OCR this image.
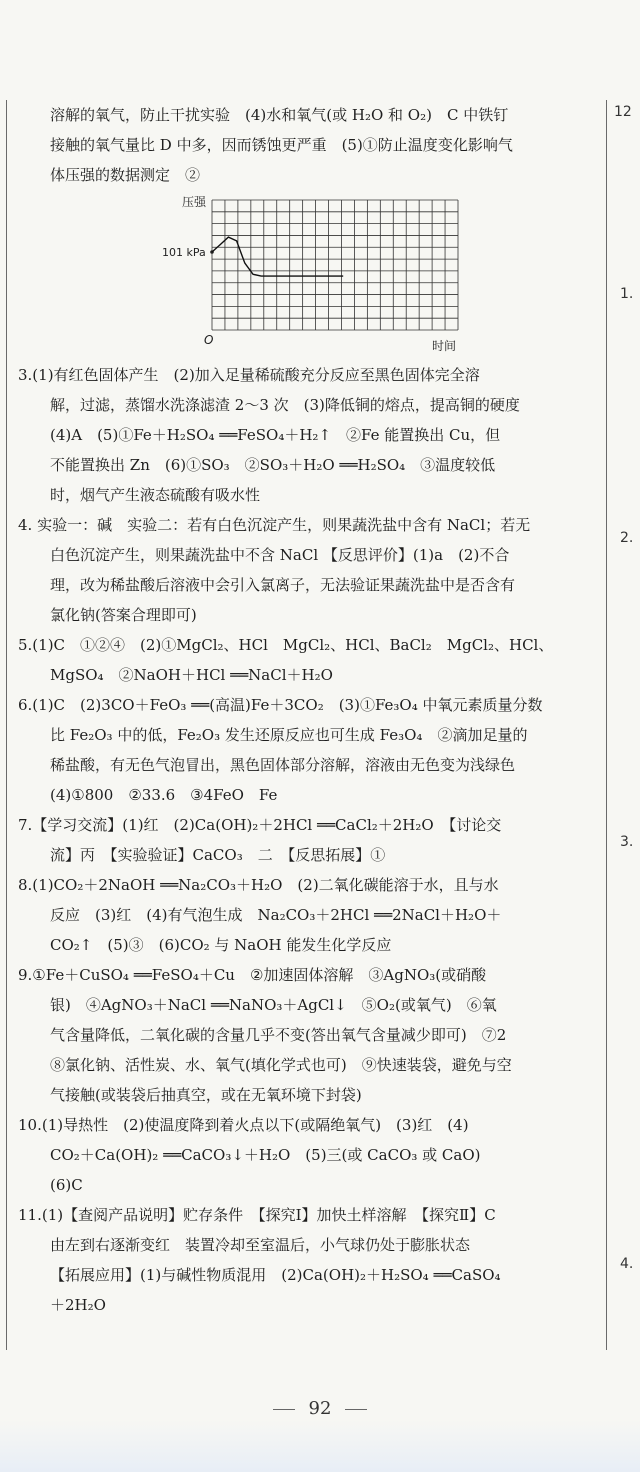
12
1.
2.
3.
4.
溶解的氧气，防止干扰实验　(4)水和氧气(或 H₂O 和 O₂)　C 中铁钉
接触的氧气量比 D 中多，因而锈蚀更严重　(5)①防止温度变化影响气
体压强的数据测定　②
压强
时间
O
101 kPa
3.(1)有红色固体产生　(2)加入足量稀硫酸充分反应至黑色固体完全溶
解，过滤，蒸馏水洗涤滤渣 2～3 次　(3)降低铜的熔点，提高铜的硬度
(4)A　(5)①Fe＋H₂SO₄ ══FeSO₄＋H₂↑　②Fe 能置换出 Cu，但
不能置换出 Zn　(6)①SO₃　②SO₃＋H₂O ══H₂SO₄　③温度较低
时，烟气产生液态硫酸有吸水性
4. 实验一：碱　实验二：若有白色沉淀产生，则果蔬洗盐中含有 NaCl；若无
白色沉淀产生，则果蔬洗盐中不含 NaCl 【反思评价】(1)a　(2)不合
理，改为稀盐酸后溶液中会引入氯离子，无法验证果蔬洗盐中是否含有
氯化钠(答案合理即可)
5.(1)C　①②④　(2)①MgCl₂、HCl　MgCl₂、HCl、BaCl₂　MgCl₂、HCl、
MgSO₄　②NaOH＋HCl ══NaCl＋H₂O
6.(1)C　(2)3CO＋FeO₃ ══(高温)Fe＋3CO₂　(3)①Fe₃O₄ 中氧元素质量分数
比 Fe₂O₃ 中的低，Fe₂O₃ 发生还原反应也可生成 Fe₃O₄　②滴加足量的
稀盐酸，有无色气泡冒出，黑色固体部分溶解，溶液由无色变为浅绿色
(4)①800　②33.6　③4FeO　Fe
7.【学习交流】(1)红　(2)Ca(OH)₂＋2HCl ══CaCl₂＋2H₂O　【讨论交
流】丙　【实验验证】CaCO₃　二　【反思拓展】①
8.(1)CO₂＋2NaOH ══Na₂CO₃＋H₂O　(2)二氧化碳能溶于水，且与水
反应　(3)红　(4)有气泡生成　Na₂CO₃＋2HCl ══2NaCl＋H₂O＋
CO₂↑　(5)③　(6)CO₂ 与 NaOH 能发生化学反应
9.①Fe＋CuSO₄ ══FeSO₄＋Cu　②加速固体溶解　③AgNO₃(或硝酸
银)　④AgNO₃＋NaCl ══NaNO₃＋AgCl↓　⑤O₂(或氧气)　⑥氧
气含量降低，二氧化碳的含量几乎不变(答出氧气含量减少即可)　⑦2
⑧氯化钠、活性炭、水、氧气(填化学式也可)　⑨快速装袋，避免与空
气接触(或装袋后抽真空，或在无氧环境下封袋)
10.(1)导热性　(2)使温度降到着火点以下(或隔绝氧气)　(3)红　(4)
CO₂＋Ca(OH)₂ ══CaCO₃↓＋H₂O　(5)三(或 CaCO₃ 或 CaO)
(6)C
11.(1)【查阅产品说明】贮存条件　【探究Ⅰ】加快土样溶解　【探究Ⅱ】C
由左到右逐渐变红　装置冷却至室温后，小气球仍处于膨胀状态
【拓展应用】(1)与碱性物质混用　(2)Ca(OH)₂＋H₂SO₄ ══CaSO₄
＋2H₂O
92
